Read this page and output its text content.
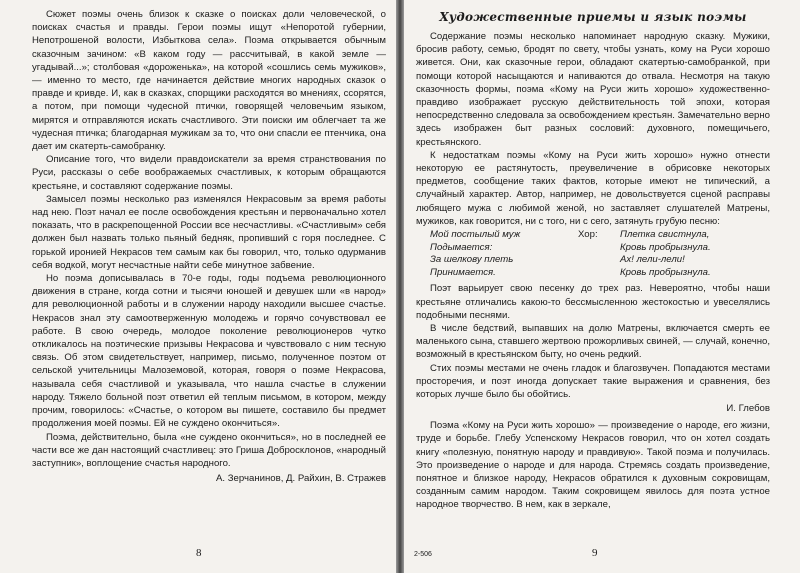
Сюжет поэмы очень близок к сказке о поисках доли человеческой, о поисках счастья и правды. Герои поэмы ищут «Непоротой губернии, Непотрошеной волости, Избыткова села». Поэма открывается обычным сказочным зачином: «В каком году — рассчитывай, в какой земле — угадывай...»; столбовая «дороженька», на которой «сошлись семь мужиков», — именно то место, где начинается действие многих народных сказок о правде и кривде. И, как в сказках, спорщики расходятся во мнениях, ссорятся, а потом, при помощи чудесной птички, говорящей человечьим языком, мирятся и отправляются искать счастливого. Эти поиски им облегчает та же чудесная птичка; благодарная мужикам за то, что они спасли ее птенчика, она дает им скатерть-самобранку.

Описание того, что видели правдоискатели за время странствования по Руси, рассказы о себе воображаемых счастливых, к которым обращаются крестьяне, и составляют содержание поэмы.

Замысел поэмы несколько раз изменялся Некрасовым за время работы над нею. Поэт начал ее после освобождения крестьян и первоначально хотел показать, что в раскрепощенной России все несчастливы. «Счастливым» себя должен был назвать только пьяный бедняк, пропивший с горя последнее. С горькой иронией Некрасов тем самым как бы говорил, что, только одурманив себя водкой, могут несчастные найти себе минутное забвение.

Но поэма дописывалась в 70-е годы, годы подъема революционного движения в стране, когда сотни и тысячи юношей и девушек шли «в народ» для революционной работы и в служении народу находили высшее счастье. Некрасов знал эту самоотверженную молодежь и горячо сочувствовал ее работе. В свою очередь, молодое поколение революционеров чутко откликалось на поэтические призывы Некрасова и чувствовало с ним тесную связь. Об этом свидетельствует, например, письмо, полученное поэтом от сельской учительницы Малоземовой, которая, говоря о поэме Некрасова, называла себя счастливой и указывала, что нашла счастье в служении народу. Тяжело больной поэт ответил ей теплым письмом, в котором, между прочим, говорилось: «Счастье, о котором вы пишете, составило бы предмет продолжения моей поэмы. Ей не суждено окончиться».

Поэма, действительно, была «не суждено окончиться», но в последней ее части все же дан настоящий счастливец: это Гриша Добросклонов, «народный заступник», воплощение счастья народного.

А. Зерчанинов, Д. Райхин, В. Стражев
8
Художественные приемы и язык поэмы

Содержание поэмы несколько напоминает народную сказку. Мужики, бросив работу, семью, бродят по свету, чтобы узнать, кому на Руси хорошо живется. Они, как сказочные герои, обладают скатертью-самобранкой, при помощи которой насыщаются и напиваются до отвала. Несмотря на такую сказочность формы, поэма «Кому на Руси жить хорошо» художественно-правдиво изображает русскую действительность той эпохи, которая непосредственно следовала за освобождением крестьян. Замечательно верно здесь изображен быт разных сословий: духовного, помещичьего, крестьянского.

К недостаткам поэмы «Кому на Руси жить хорошо» нужно отнести некоторую ее растянутость, преувеличение в обрисовке некоторых предметов, сообщение таких фактов, которые имеют не типический, а случайный характер. Автор, например, не довольствуется сценой расправы любящего мужа с любимой женой, но заставляет слушателей Матрены, мужиков, как говорится, ни с того, ни с сего, затянуть грубую песню:

Мой постылый муж	Хор:	Плетка свистнула,
Подымается:		Кровь пробрызнула.
За шелкову плеть		Ах! лели-лели!
Принимается.		Кровь пробрызнула.

Поэт варьирует свою песенку до трех раз. Невероятно, чтобы наши крестьяне отличались какою-то бессмысленною жестокостью и увеселялись подобными песнями.

В числе бедствий, выпавших на долю Матрены, включается смерть ее маленького сына, ставшего жертвою прожорливых свиней, — случай, конечно, возможный в крестьянском быту, но очень редкий.

Стих поэмы местами не очень гладок и благозвучен. Попадаются местами просторечия, и поэт иногда допускает такие выражения и сравнения, без которых лучше было бы обойтись.

И. Глебов

Поэма «Кому на Руси жить хорошо» — произведение о народе, его жизни, труде и борьбе. Глебу Успенскому Некрасов говорил, что он хотел создать книгу «полезную, понятную народу и правдивую». Такой поэма и получилась. Это произведение о народе и для народа. Стремясь создать произведение, понятное и близкое народу, Некрасов обратился к духовным сокровищам, созданным самим народом. Таким сокровищем явилось для поэта устное народное творчество. В нем, как в зеркале,

2-506	9
